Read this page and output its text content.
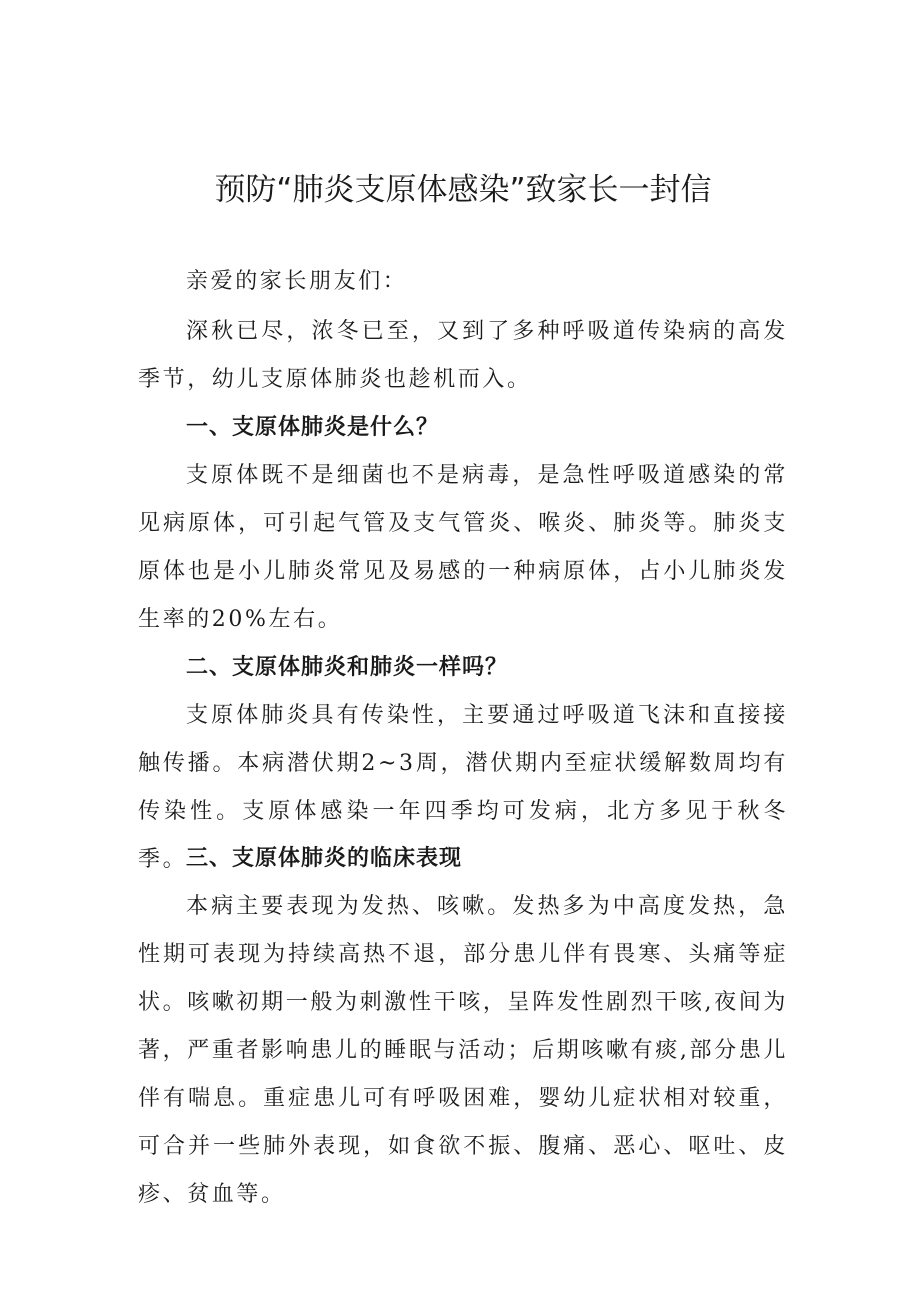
预防“肺炎支原体感染”致家长一封信

亲爱的家长朋友们：

深秋已尽，浓冬已至，又到了多种呼吸道传染病的高发季节，幼儿支原体肺炎也趁机而入。

一、支原体肺炎是什么？

支原体既不是细菌也不是病毒，是急性呼吸道感染的常见病原体，可引起气管及支气管炎、喉炎、肺炎等。肺炎支原体也是小儿肺炎常见及易感的一种病原体，占小儿肺炎发生率的20%左右。

二、支原体肺炎和肺炎一样吗？

支原体肺炎具有传染性，主要通过呼吸道飞沫和直接接触传播。本病潜伏期2~3周，潜伏期内至症状缓解数周均有传染性。支原体感染一年四季均可发病，北方多见于秋冬季。

三、支原体肺炎的临床表现

本病主要表现为发热、咳嗽。发热多为中高度发热，急性期可表现为持续高热不退，部分患儿伴有畏寒、头痛等症状。咳嗽初期一般为刺激性干咳，呈阵发性剧烈干咳,夜间为著，严重者影响患儿的睡眠与活动；后期咳嗽有痰,部分患儿伴有喘息。重症患儿可有呼吸困难，婴幼儿症状相对较重，可合并一些肺外表现，如食欲不振、腹痛、恶心、呕吐、皮疹、贫血等。
